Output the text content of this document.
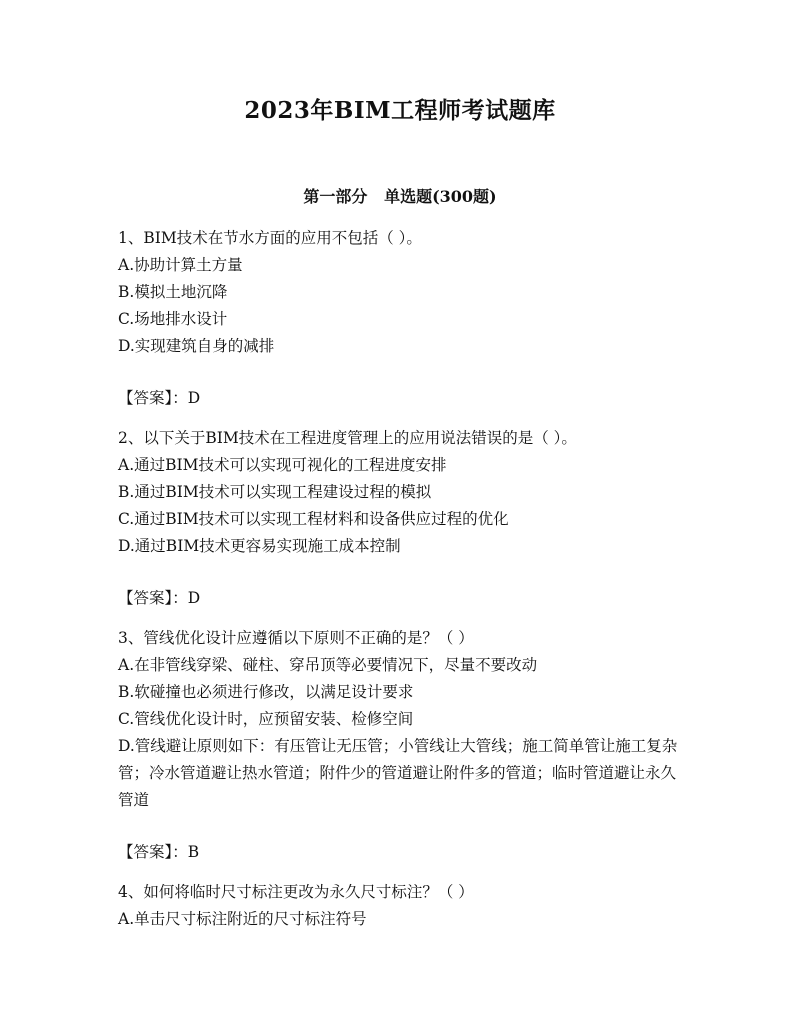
2023年BIM工程师考试题库
第一部分   单选题(300题)
1、BIM技术在节水方面的应用不包括（ ）。
A.协助计算土方量
B.模拟土地沉降
C.场地排水设计
D.实现建筑自身的减排
【答案】：D
2、以下关于BIM技术在工程进度管理上的应用说法错误的是（ ）。
A.通过BIM技术可以实现可视化的工程进度安排
B.通过BIM技术可以实现工程建设过程的模拟
C.通过BIM技术可以实现工程材料和设备供应过程的优化
D.通过BIM技术更容易实现施工成本控制
【答案】：D
3、管线优化设计应遵循以下原则不正确的是？（ ）
A.在非管线穿梁、碰柱、穿吊顶等必要情况下，尽量不要改动
B.软碰撞也必须进行修改，以满足设计要求
C.管线优化设计时，应预留安装、检修空间
D.管线避让原则如下：有压管让无压管；小管线让大管线；施工简单管让施工复杂管；冷水管道避让热水管道；附件少的管道避让附件多的管道；临时管道避让永久管道
【答案】：B
4、如何将临时尺寸标注更改为永久尺寸标注？（ ）
A.单击尺寸标注附近的尺寸标注符号
